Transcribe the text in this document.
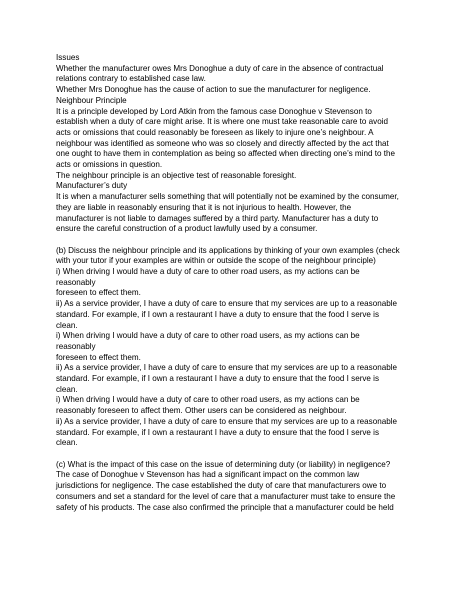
Issues
Whether the manufacturer owes Mrs Donoghue a duty of care in the absence of contractual
relations contrary to established case law.
Whether Mrs Donoghue has the cause of action to sue the manufacturer for negligence.
Neighbour Principle
It is a principle developed by Lord Atkin from the famous case Donoghue v Stevenson to
establish when a duty of care might arise. It is where one must take reasonable care to avoid
acts or omissions that could reasonably be foreseen as likely to injure one’s neighbour. A
neighbour was identified as someone who was so closely and directly affected by the act that
one ought to have them in contemplation as being so affected when directing one’s mind to the
acts or omissions in question.
The neighbour principle is an objective test of reasonable foresight.
Manufacturer’s duty
It is when a manufacturer sells something that will potentially not be examined by the consumer,
they are liable in reasonably ensuring that it is not injurious to health. However, the
manufacturer is not liable to damages suffered by a third party. Manufacturer has a duty to
ensure the careful construction of a product lawfully used by a consumer.
(b) Discuss the neighbour principle and its applications by thinking of your own examples (check
with your tutor if your examples are within or outside the scope of the neighbour principle)
i) When driving I would have a duty of care to other road users, as my actions can be
reasonably
foreseen to effect them.
ii) As a service provider, I have a duty of care to ensure that my services are up to a reasonable
standard. For example, if I own a restaurant I have a duty to ensure that the food I serve is
clean.
i) When driving I would have a duty of care to other road users, as my actions can be
reasonably
foreseen to effect them.
ii) As a service provider, I have a duty of care to ensure that my services are up to a reasonable
standard. For example, if I own a restaurant I have a duty to ensure that the food I serve is
clean.
i) When driving I would have a duty of care to other road users, as my actions can be
reasonably foreseen to affect them. Other users can be considered as neighbour.
ii) As a service provider, I have a duty of care to ensure that my services are up to a reasonable
standard. For example, if I own a restaurant I have a duty to ensure that the food I serve is
clean.
(c) What is the impact of this case on the issue of determining duty (or liability) in negligence?
The case of Donoghue v Stevenson has had a significant impact on the common law
jurisdictions for negligence. The case established the duty of care that manufacturers owe to
consumers and set a standard for the level of care that a manufacturer must take to ensure the
safety of his products. The case also confirmed the principle that a manufacturer could be held
